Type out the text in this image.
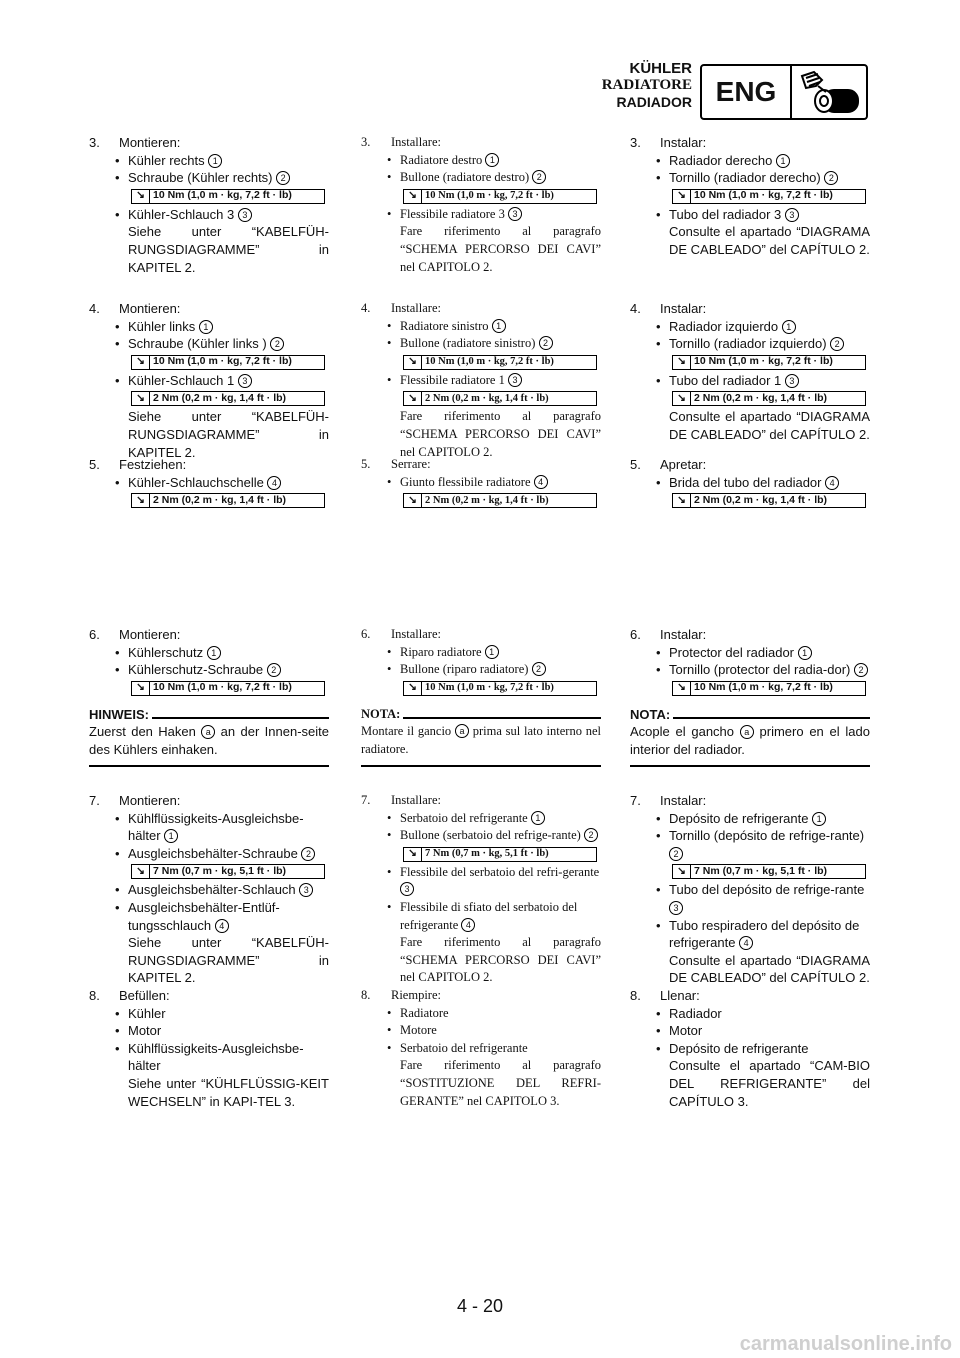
KÜHLER
RADIATORE
RADIADOR ENG
3.	Montieren:
• Kühler rechts 1
• Schraube (Kühler rechts) 2
↘ 10 Nm (1,0 m · kg, 7,2 ft · lb)
• Kühler-Schlauch 3 3
Siehe unter “KABELFÜH-RUNGSDIAGRAMME” in KAPITEL 2.
4.	Montieren:
• Kühler links 1
• Schraube (Kühler links ) 2
↘ 10 Nm (1,0 m · kg, 7,2 ft · lb)
• Kühler-Schlauch 1 3
↘ 2 Nm (0,2 m · kg, 1,4 ft · lb)
Siehe unter “KABELFÜH-RUNGSDIAGRAMME” in KAPITEL 2.
5.	Festziehen:
• Kühler-Schlauchschelle 4
↘ 2 Nm (0,2 m · kg, 1,4 ft · lb)
6.	Montieren:
• Kühlerschutz 1
• Kühlerschutz-Schraube 2
↘ 10 Nm (1,0 m · kg, 7,2 ft · lb)
HINWEIS:
Zuerst den Haken a an der Innen-seite des Kühlers einhaken.
7.	Montieren:
• Kühlflüssigkeits-Ausgleichsbe-hälter 1
• Ausgleichsbehälter-Schraube 2
↘ 7 Nm (0,7 m · kg, 5,1 ft · lb)
• Ausgleichsbehälter-Schlauch 3
• Ausgleichsbehälter-Entlüf-tungsschlauch 4
Siehe unter “KABELFÜH-RUNGSDIAGRAMME” in KAPITEL 2.
8.	Befüllen:
• Kühler
• Motor
• Kühlflüssigkeits-Ausgleichsbe-hälter
Siehe unter “KÜHLFLÜSSIG-KEIT WECHSELN” in KAPI-TEL 3.
3.	Installare:
• Radiatore destro 1
• Bullone (radiatore destro) 2
↘ 10 Nm (1,0 m · kg, 7,2 ft · lb)
• Flessibile radiatore 3 3
Fare riferimento al paragrafo “SCHEMA PERCORSO DEI CAVI” nel CAPITOLO 2.
4.	Installare:
• Radiatore sinistro 1
• Bullone (radiatore sinistro) 2
↘ 10 Nm (1,0 m · kg, 7,2 ft · lb)
• Flessibile radiatore 1 3
↘ 2 Nm (0,2 m · kg, 1,4 ft · lb)
Fare riferimento al paragrafo “SCHEMA PERCORSO DEI CAVI” nel CAPITOLO 2.
5.	Serrare:
• Giunto flessibile radiatore 4
↘ 2 Nm (0,2 m · kg, 1,4 ft · lb)
6.	Installare:
• Riparo radiatore 1
• Bullone (riparo radiatore) 2
↘ 10 Nm (1,0 m · kg, 7,2 ft · lb)
NOTA:
Montare il gancio a prima sul lato interno nel radiatore.
7.	Installare:
• Serbatoio del refrigerante 1
• Bullone (serbatoio del refrige-rante) 2
↘ 7 Nm (0,7 m · kg, 5,1 ft · lb)
• Flessibile del serbatoio del refri-gerante 3
• Flessibile di sfiato del serbatoio del refrigerante 4
Fare riferimento al paragrafo “SCHEMA PERCORSO DEI CAVI” nel CAPITOLO 2.
8.	Riempire:
• Radiatore
• Motore
• Serbatoio del refrigerante
Fare riferimento al paragrafo “SOSTITUZIONE DEL REFRI-GERANTE” nel CAPITOLO 3.
3.	Instalar:
• Radiador derecho 1
• Tornillo (radiador derecho) 2
↘ 10 Nm (1,0 m · kg, 7,2 ft · lb)
• Tubo del radiador 3 3
Consulte el apartado “DIAGRAMA DE CABLEADO” del CAPÍTULO 2.
4.	Instalar:
• Radiador izquierdo 1
• Tornillo (radiador izquierdo) 2
↘ 10 Nm (1,0 m · kg, 7,2 ft · lb)
• Tubo del radiador 1 3
↘ 2 Nm (0,2 m · kg, 1,4 ft · lb)
Consulte el apartado “DIAGRAMA DE CABLEADO” del CAPÍTULO 2.
5.	Apretar:
• Brida del tubo del radiador 4
↘ 2 Nm (0,2 m · kg, 1,4 ft · lb)
6.	Instalar:
• Protector del radiador 1
• Tornillo (protector del radia-dor) 2
↘ 10 Nm (1,0 m · kg, 7,2 ft · lb)
NOTA:
Acople el gancho a primero en el lado interior del radiador.
7.	Instalar:
• Depósito de refrigerante 1
• Tornillo (depósito de refrige-rante) 2
↘ 7 Nm (0,7 m · kg, 5,1 ft · lb)
• Tubo del depósito de refrige-rante 3
• Tubo respiradero del depósito de refrigerante 4
Consulte el apartado “DIAGRAMA DE CABLEADO” del CAPÍTULO 2.
8.	Llenar:
• Radiador
• Motor
• Depósito de refrigerante
Consulte el apartado “CAM-BIO DEL REFRIGERANTE” del CAPÍTULO 3.
4 - 20
carmanualsonline.info
